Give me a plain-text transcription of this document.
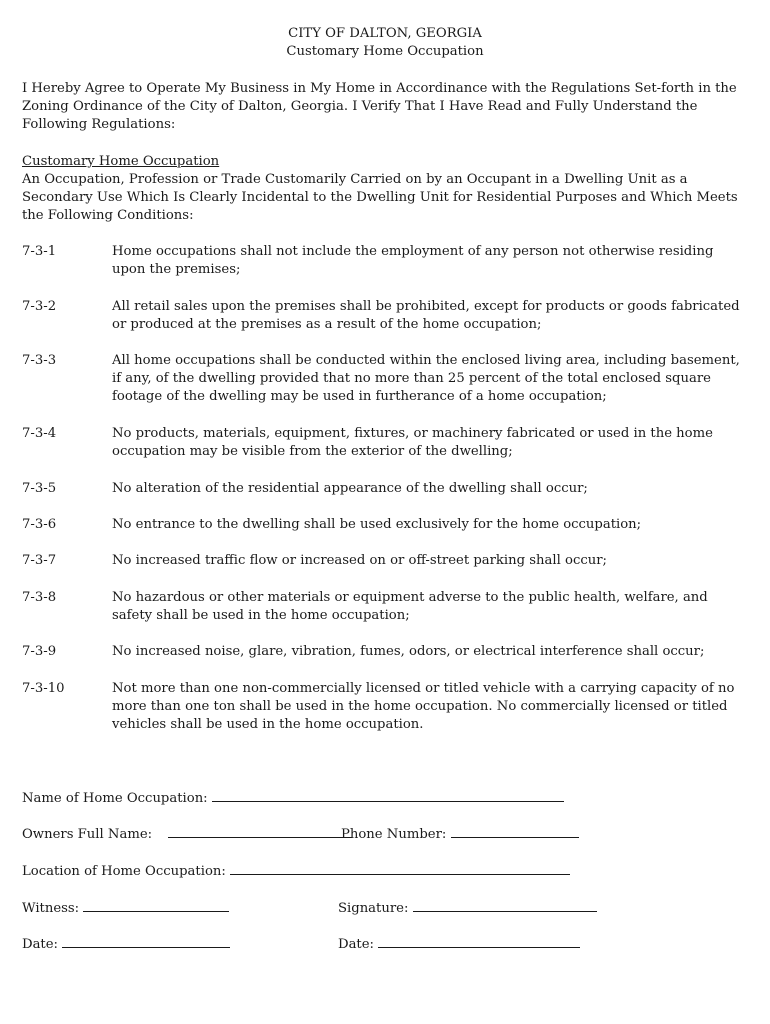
CITY OF DALTON, GEORGIA
Customary Home Occupation
I Hereby Agree to Operate My Business in My Home in Accordinance with the Regulations Set-forth in the Zoning Ordinance of the City of Dalton, Georgia. I Verify That I Have Read and Fully Understand the Following Regulations:
Customary Home Occupation
An Occupation, Profession or Trade Customarily Carried on by an Occupant in a Dwelling Unit as a Secondary Use Which Is Clearly Incidental to the Dwelling Unit for Residential Purposes and Which Meets the Following Conditions:
7-3-1	Home occupations shall not include the employment of any person not otherwise residing upon the premises;
7-3-2	All retail sales upon the premises shall be prohibited, except for products or goods fabricated or produced at the premises as a result of the home occupation;
7-3-3	All home occupations shall be conducted within the enclosed living area, including basement, if any, of the dwelling provided that no more than 25 percent of the total enclosed square footage of the dwelling may be used in furtherance of a home occupation;
7-3-4	No products, materials, equipment, fixtures, or machinery fabricated or used in the home occupation may be visible from the exterior of the dwelling;
7-3-5	No alteration of the residential appearance of the dwelling shall occur;
7-3-6	No entrance to the dwelling shall be used exclusively for the home occupation;
7-3-7	No increased traffic flow or increased on or off-street parking shall occur;
7-3-8	No hazardous or other materials or equipment adverse to the public health, welfare, and safety shall be used in the home occupation;
7-3-9	No increased noise, glare, vibration, fumes, odors, or electrical interference shall occur;
7-3-10	Not more than one non-commercially licensed or titled vehicle with a carrying capacity of no more than one ton shall be used in the home occupation. No commercially licensed or titled vehicles shall be used in the home occupation.
Name of Home Occupation:
Owners Full Name:	Phone Number:
Location of Home Occupation:
Witness:	Signature:
Date:	Date:
